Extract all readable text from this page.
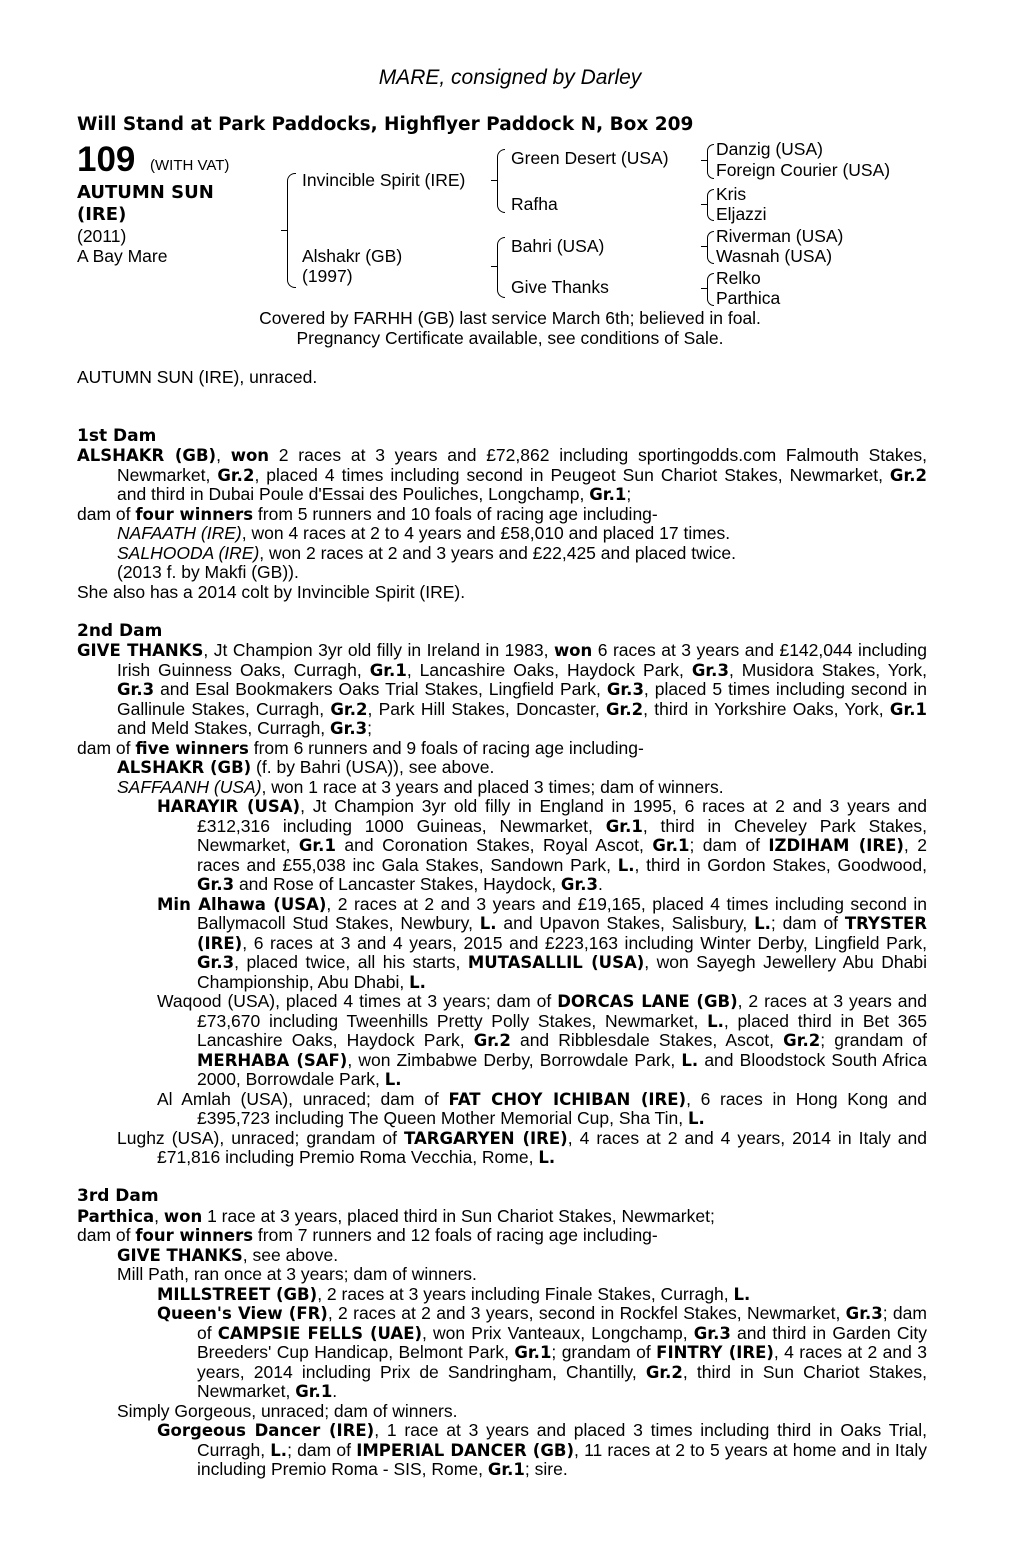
MARE, consigned by Darley
Will Stand at Park Paddocks, Highflyer Paddock N, Box 209
109 (WITH VAT)
AUTUMN SUN
(IRE)
(2011)
A Bay Mare
Invincible Spirit (IRE)
Alshakr (GB)
(1997)
Green Desert (USA)
Rafha
Bahri (USA)
Give Thanks
Danzig (USA)
Foreign Courier (USA)
Kris
Eljazzi
Riverman (USA)
Wasnah (USA)
Relko
Parthica
Covered by FARHH (GB) last service March 6th; believed in foal.
Pregnancy Certificate available, see conditions of Sale.

AUTUMN SUN (IRE), unraced.

1st Dam

ALSHAKR (GB), won 2 races at 3 years and £72,862 including sportingodds.com Falmouth Stakes, Newmarket, Gr.2, placed 4 times including second in Peugeot Sun Chariot Stakes, Newmarket, Gr.2 and third in Dubai Poule d'Essai des Pouliches, Longchamp, Gr.1;

dam of four winners from 5 runners and 10 foals of racing age including-

NAFAATH (IRE), won 4 races at 2 to 4 years and £58,010 and placed 17 times.

SALHOODA (IRE), won 2 races at 2 and 3 years and £22,425 and placed twice.

(2013 f. by Makfi (GB)).

She also has a 2014 colt by Invincible Spirit (IRE).

2nd Dam

GIVE THANKS, Jt Champion 3yr old filly in Ireland in 1983, won 6 races at 3 years and £142,044 including Irish Guinness Oaks, Curragh, Gr.1, Lancashire Oaks, Haydock Park, Gr.3, Musidora Stakes, York, Gr.3 and Esal Bookmakers Oaks Trial Stakes, Lingfield Park, Gr.3, placed 5 times including second in Gallinule Stakes, Curragh, Gr.2, Park Hill Stakes, Doncaster, Gr.2, third in Yorkshire Oaks, York, Gr.1 and Meld Stakes, Curragh, Gr.3;

dam of five winners from 6 runners and 9 foals of racing age including-

ALSHAKR (GB) (f. by Bahri (USA)), see above.

SAFFAANH (USA), won 1 race at 3 years and placed 3 times; dam of winners.

HARAYIR (USA), Jt Champion 3yr old filly in England in 1995, 6 races at 2 and 3 years and £312,316 including 1000 Guineas, Newmarket, Gr.1, third in Cheveley Park Stakes, Newmarket, Gr.1 and Coronation Stakes, Royal Ascot, Gr.1; dam of IZDIHAM (IRE), 2 races and £55,038 inc Gala Stakes, Sandown Park, L., third in Gordon Stakes, Goodwood, Gr.3 and Rose of Lancaster Stakes, Haydock, Gr.3.

Min Alhawa (USA), 2 races at 2 and 3 years and £19,165, placed 4 times including second in Ballymacoll Stud Stakes, Newbury, L. and Upavon Stakes, Salisbury, L.; dam of TRYSTER (IRE), 6 races at 3 and 4 years, 2015 and £223,163 including Winter Derby, Lingfield Park, Gr.3, placed twice, all his starts, MUTASALLIL (USA), won Sayegh Jewellery Abu Dhabi Championship, Abu Dhabi, L.

Waqood (USA), placed 4 times at 3 years; dam of DORCAS LANE (GB), 2 races at 3 years and £73,670 including Tweenhills Pretty Polly Stakes, Newmarket, L., placed third in Bet 365 Lancashire Oaks, Haydock Park, Gr.2 and Ribblesdale Stakes, Ascot, Gr.2; grandam of MERHABA (SAF), won Zimbabwe Derby, Borrowdale Park, L. and Bloodstock South Africa 2000, Borrowdale Park, L.

Al Amlah (USA), unraced; dam of FAT CHOY ICHIBAN (IRE), 6 races in Hong Kong and £395,723 including The Queen Mother Memorial Cup, Sha Tin, L.

Lughz (USA), unraced; grandam of TARGARYEN (IRE), 4 races at 2 and 4 years, 2014 in Italy and £71,816 including Premio Roma Vecchia, Rome, L.

3rd Dam

Parthica, won 1 race at 3 years, placed third in Sun Chariot Stakes, Newmarket;

dam of four winners from 7 runners and 12 foals of racing age including-

GIVE THANKS, see above.

Mill Path, ran once at 3 years; dam of winners.

MILLSTREET (GB), 2 races at 3 years including Finale Stakes, Curragh, L.

Queen's View (FR), 2 races at 2 and 3 years, second in Rockfel Stakes, Newmarket, Gr.3; dam of CAMPSIE FELLS (UAE), won Prix Vanteaux, Longchamp, Gr.3 and third in Garden City Breeders' Cup Handicap, Belmont Park, Gr.1; grandam of FINTRY (IRE), 4 races at 2 and 3 years, 2014 including Prix de Sandringham, Chantilly, Gr.2, third in Sun Chariot Stakes, Newmarket, Gr.1.

Simply Gorgeous, unraced; dam of winners.

Gorgeous Dancer (IRE), 1 race at 3 years and placed 3 times including third in Oaks Trial, Curragh, L.; dam of IMPERIAL DANCER (GB), 11 races at 2 to 5 years at home and in Italy including Premio Roma - SIS, Rome, Gr.1; sire.
